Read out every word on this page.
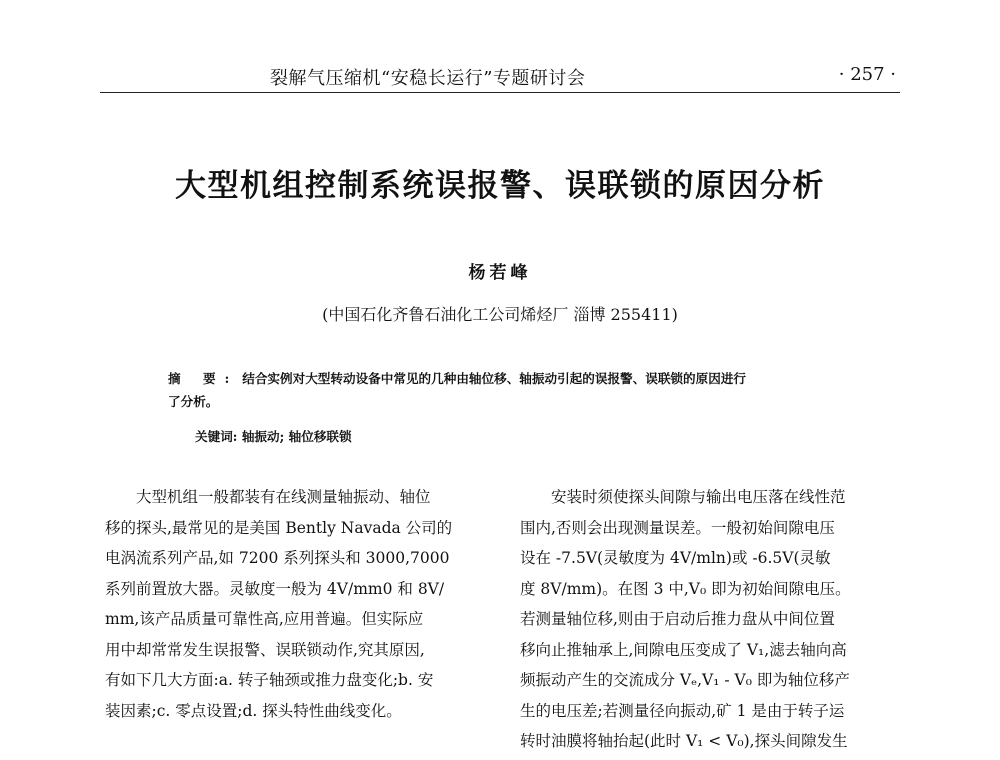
裂解气压缩机“安稳长运行”专题研讨会	· 257 ·
大型机组控制系统误报警、误联锁的原因分析
杨若峰
(中国石化齐鲁石油化工公司烯烃厂 淄博 255411)
摘 要: 结合实例对大型转动设备中常见的几种由轴位移、轴振动引起的误报警、误联锁的原因进行
了分析。
关键词: 轴振动; 轴位移联锁
大型机组一般都装有在线测量轴振动、轴位
移的探头,最常见的是美国 Bently Navada 公司的
电涡流系列产品,如 7200 系列探头和 3000,7000
系列前置放大器。灵敏度一般为 4V/mm0 和 8V/
mm,该产品质量可靠性高,应用普遍。但实际应
用中却常常发生误报警、误联锁动作,究其原因,
有如下几大方面:a. 转子轴颈或推力盘变化;b. 安
装因素;c. 零点设置;d. 探头特性曲线变化。
安装时须使探头间隙与输出电压落在线性范
围内,否则会出现测量误差。一般初始间隙电压
设在 -7.5V(灵敏度为 4V/mln)或 -6.5V(灵敏
度 8V/mm)。在图 3 中,V₀ 即为初始间隙电压。
若测量轴位移,则由于启动后推力盘从中间位置
移向止推轴承上,间隙电压变成了 V₁,滤去轴向高
频振动产生的交流成分 Vₑ,V₁ - V₀ 即为轴位移产
生的电压差;若测量径向振动,矿 1 是由于转子运
转时油膜将轴抬起(此时 V₁ < V₀),探头间隙发生
